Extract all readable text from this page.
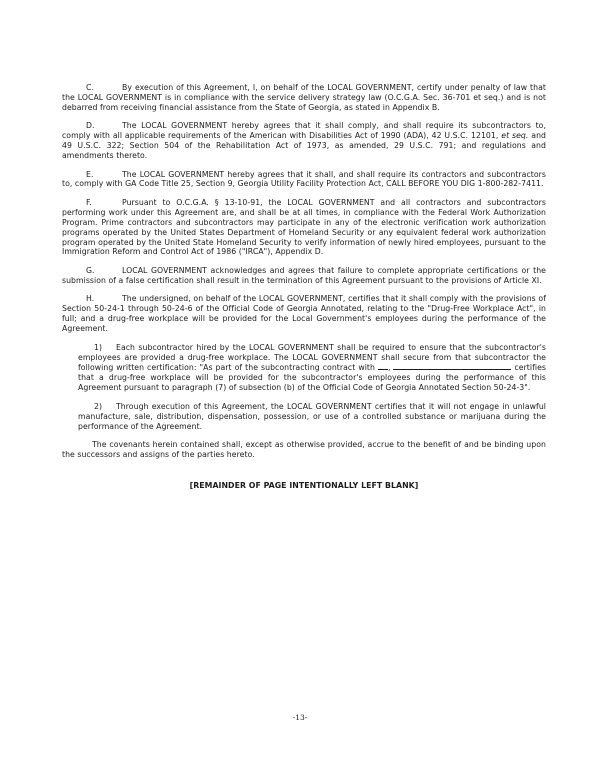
C.	By execution of this Agreement, I, on behalf of the LOCAL GOVERNMENT, certify under penalty of law that the LOCAL GOVERNMENT is in compliance with the service delivery strategy law (O.C.G.A. Sec. 36-701 et seq.) and is not debarred from receiving financial assistance from the State of Georgia, as stated in Appendix B.

D.	The LOCAL GOVERNMENT hereby agrees that it shall comply, and shall require its subcontractors to, comply with all applicable requirements of the American with Disabilities Act of 1990 (ADA), 42 U.S.C. 12101, et seq. and 49 U.S.C. 322; Section 504 of the Rehabilitation Act of 1973, as amended, 29 U.S.C. 791; and regulations and amendments thereto.

E.	The LOCAL GOVERNMENT hereby agrees that it shall, and shall require its contractors and subcontractors to, comply with GA Code Title 25, Section 9, Georgia Utility Facility Protection Act, CALL BEFORE YOU DIG 1-800-282-7411.

F.	Pursuant to O.C.G.A. § 13-10-91, the LOCAL GOVERNMENT and all contractors and subcontractors performing work under this Agreement are, and shall be at all times, in compliance with the Federal Work Authorization Program. Prime contractors and subcontractors may participate in any of the electronic verification work authorization programs operated by the United States Department of Homeland Security or any equivalent federal work authorization program operated by the United State Homeland Security to verify information of newly hired employees, pursuant to the Immigration Reform and Control Act of 1986 ("IRCA"), Appendix D.

G.	LOCAL GOVERNMENT acknowledges and agrees that failure to complete appropriate certifications or the submission of a false certification shall result in the termination of this Agreement pursuant to the provisions of Article XI.

H.	The undersigned, on behalf of the LOCAL GOVERNMENT, certifies that it shall comply with the provisions of Section 50-24-1 through 50-24-6 of the Official Code of Georgia Annotated, relating to the "Drug-Free Workplace Act", in full; and a drug-free workplace will be provided for the Local Government's employees during the performance of the Agreement.

1) Each subcontractor hired by the LOCAL GOVERNMENT shall be required to ensure that the subcontractor's employees are provided a drug-free workplace. The LOCAL GOVERNMENT shall secure from that subcontractor the following written certification: "As part of the subcontracting contract with ,	certifies that a drug-free workplace will be provided for the subcontractor's employees during the performance of this Agreement pursuant to paragraph (7) of subsection (b) of the Official Code of Georgia Annotated Section 50-24-3".

2) Through execution of this Agreement, the LOCAL GOVERNMENT certifies that it will not engage in unlawful manufacture, sale, distribution, dispensation, possession, or use of a controlled substance or marijuana during the performance of the Agreement.

The covenants herein contained shall, except as otherwise provided, accrue to the benefit of and be binding upon the successors and assigns of the parties hereto.

[REMAINDER OF PAGE INTENTIONALLY LEFT BLANK]

-13-
